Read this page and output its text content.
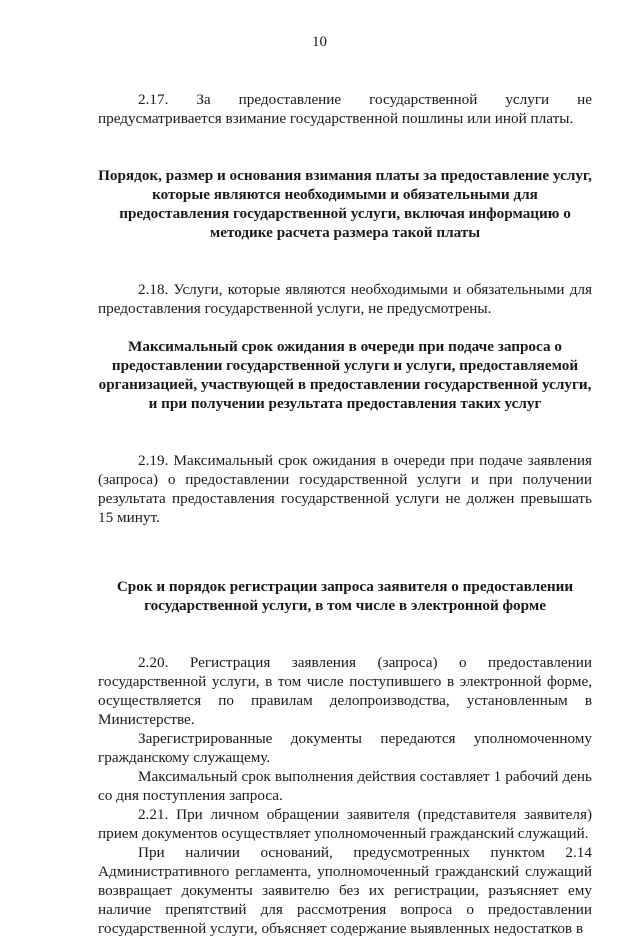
10

2.17. За предоставление государственной услуги не предусматривается взимание государственной пошлины или иной платы.

Порядок, размер и основания взимания платы за предоставление услуг, которые являются необходимыми и обязательными для предоставления государственной услуги, включая информацию о методике расчета размера такой платы

2.18. Услуги, которые являются необходимыми и обязательными для предоставления государственной услуги, не предусмотрены.

Максимальный срок ожидания в очереди при подаче запроса о предоставлении государственной услуги и услуги, предоставляемой организацией, участвующей в предоставлении государственной услуги, и при получении результата предоставления таких услуг

2.19. Максимальный срок ожидания в очереди при подаче заявления (запроса) о предоставлении государственной услуги и при получении результата предоставления государственной услуги не должен превышать 15 минут.

Срок и порядок регистрации запроса заявителя о предоставлении государственной услуги, в том числе в электронной форме

2.20. Регистрация заявления (запроса) о предоставлении государственной услуги, в том числе поступившего в электронной форме, осуществляется по правилам делопроизводства, установленным в Министерстве.

Зарегистрированные документы передаются уполномоченному гражданскому служащему.

Максимальный срок выполнения действия составляет 1 рабочий день со дня поступления запроса.

2.21. При личном обращении заявителя (представителя заявителя) прием документов осуществляет уполномоченный гражданский служащий.

При наличии оснований, предусмотренных пунктом 2.14 Административного регламента, уполномоченный гражданский служащий возвращает документы заявителю без их регистрации, разъясняет ему наличие препятствий для рассмотрения вопроса о предоставлении государственной услуги, объясняет содержание выявленных недостатков в
